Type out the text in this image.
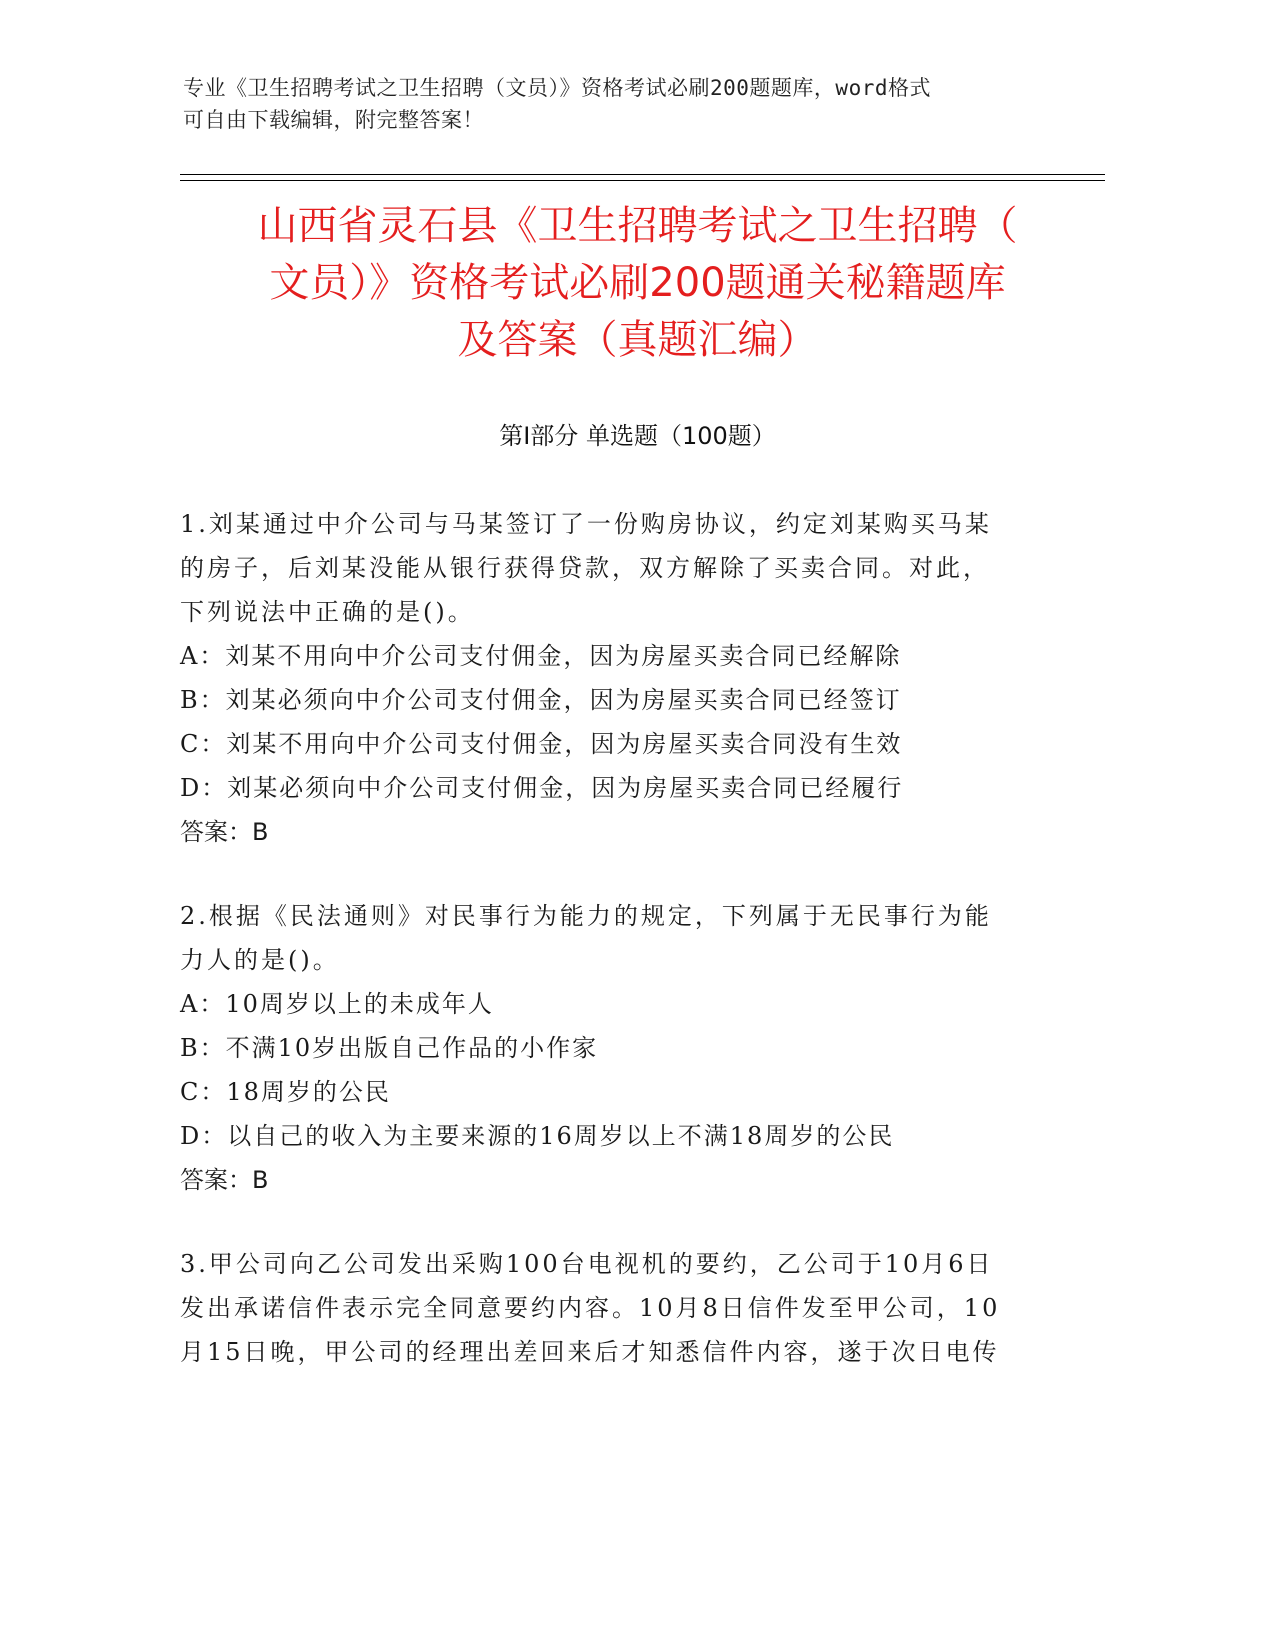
专业《卫生招聘考试之卫生招聘（文员）》资格考试必刷200题题库，word格式
可自由下载编辑，附完整答案！
山西省灵石县《卫生招聘考试之卫生招聘（
文员）》资格考试必刷200题通关秘籍题库
及答案（真题汇编）
第Ⅰ部分 单选题（100题）

1.刘某通过中介公司与马某签订了一份购房协议，约定刘某购买马某

的房子，后刘某没能从银行获得贷款，双方解除了买卖合同。对此，

下列说法中正确的是()。

A：刘某不用向中介公司支付佣金，因为房屋买卖合同已经解除

B：刘某必须向中介公司支付佣金，因为房屋买卖合同已经签订

C：刘某不用向中介公司支付佣金，因为房屋买卖合同没有生效

D：刘某必须向中介公司支付佣金，因为房屋买卖合同已经履行

答案：B

2.根据《民法通则》对民事行为能力的规定，下列属于无民事行为能

力人的是()。

A：10周岁以上的未成年人

B：不满10岁出版自己作品的小作家

C：18周岁的公民

D：以自己的收入为主要来源的16周岁以上不满18周岁的公民

答案：B

3.甲公司向乙公司发出采购100台电视机的要约，乙公司于10月6日

发出承诺信件表示完全同意要约内容。10月8日信件发至甲公司，10

月15日晚，甲公司的经理出差回来后才知悉信件内容，遂于次日电传
